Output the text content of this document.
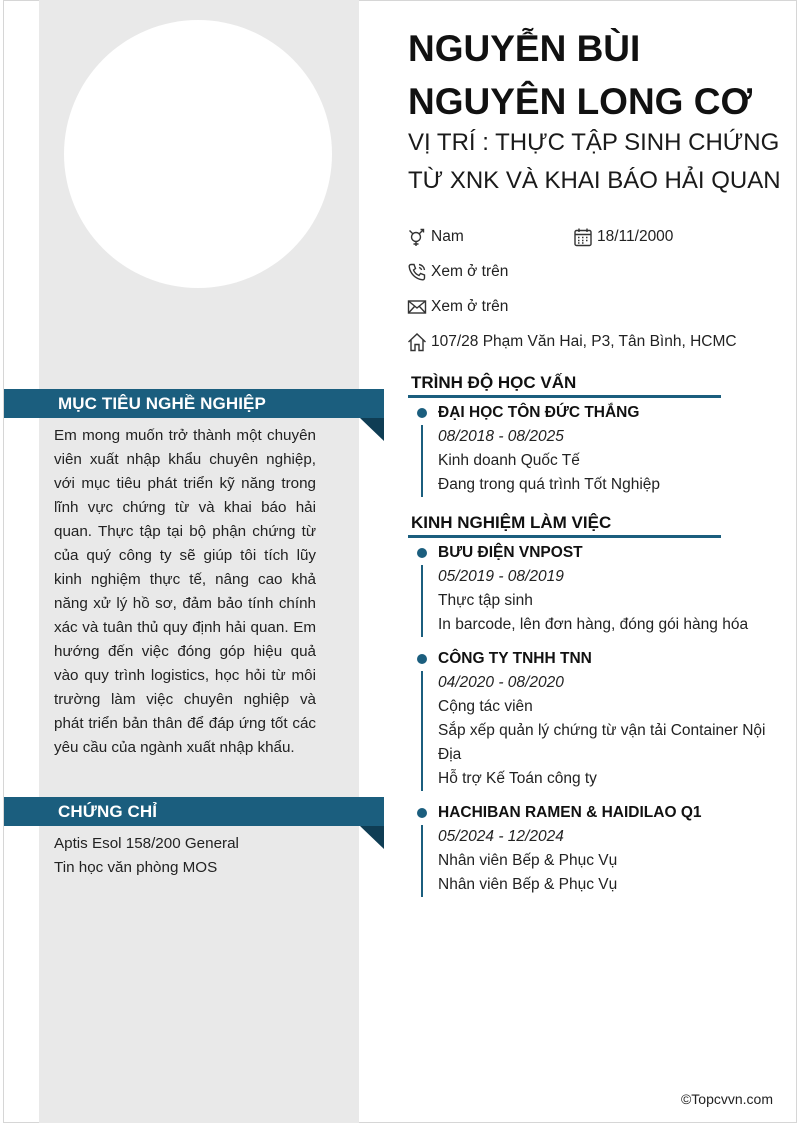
MỤC TIÊU NGHỀ NGHIỆP
Em mong muốn trở thành một chuyên viên xuất nhập khẩu chuyên nghiệp, với mục tiêu phát triển kỹ năng trong lĩnh vực chứng từ và khai báo hải quan. Thực tập tại bộ phận chứng từ của quý công ty sẽ giúp tôi tích lũy kinh nghiệm thực tế, nâng cao khả năng xử lý hồ sơ, đảm bảo tính chính xác và tuân thủ quy định hải quan. Em hướng đến việc đóng góp hiệu quả vào quy trình logistics, học hỏi từ môi trường làm việc chuyên nghiệp và phát triển bản thân để đáp ứng tốt các yêu cầu của ngành xuất nhập khẩu.
CHỨNG CHỈ
Aptis Esol 158/200 General
Tin học văn phòng MOS
NGUYỄN BÙI NGUYÊN LONG CƠ
VỊ TRÍ : THỰC TẬP SINH CHỨNG TỪ XNK VÀ KHAI BÁO HẢI QUAN
Nam	18/11/2000
Xem ở trên
Xem ở trên
107/28 Phạm Văn Hai, P3, Tân Bình, HCMC
TRÌNH ĐỘ HỌC VẤN
ĐẠI HỌC TÔN ĐỨC THẮNG
08/2018 - 08/2025
Kinh doanh Quốc Tế
Đang trong quá trình Tốt Nghiệp
KINH NGHIỆM LÀM VIỆC
BƯU ĐIỆN VNPOST
05/2019 - 08/2019
Thực tập sinh
In barcode, lên đơn hàng, đóng gói hàng hóa
CÔNG TY TNHH TNN
04/2020 - 08/2020
Cộng tác viên
Sắp xếp quản lý chứng từ vận tải Container Nội Địa
Hỗ trợ Kế Toán công ty
HACHIBAN RAMEN & HAIDILAO Q1
05/2024 - 12/2024
Nhân viên Bếp & Phục Vụ
Nhân viên Bếp & Phục Vụ
©Topcvvn.com
